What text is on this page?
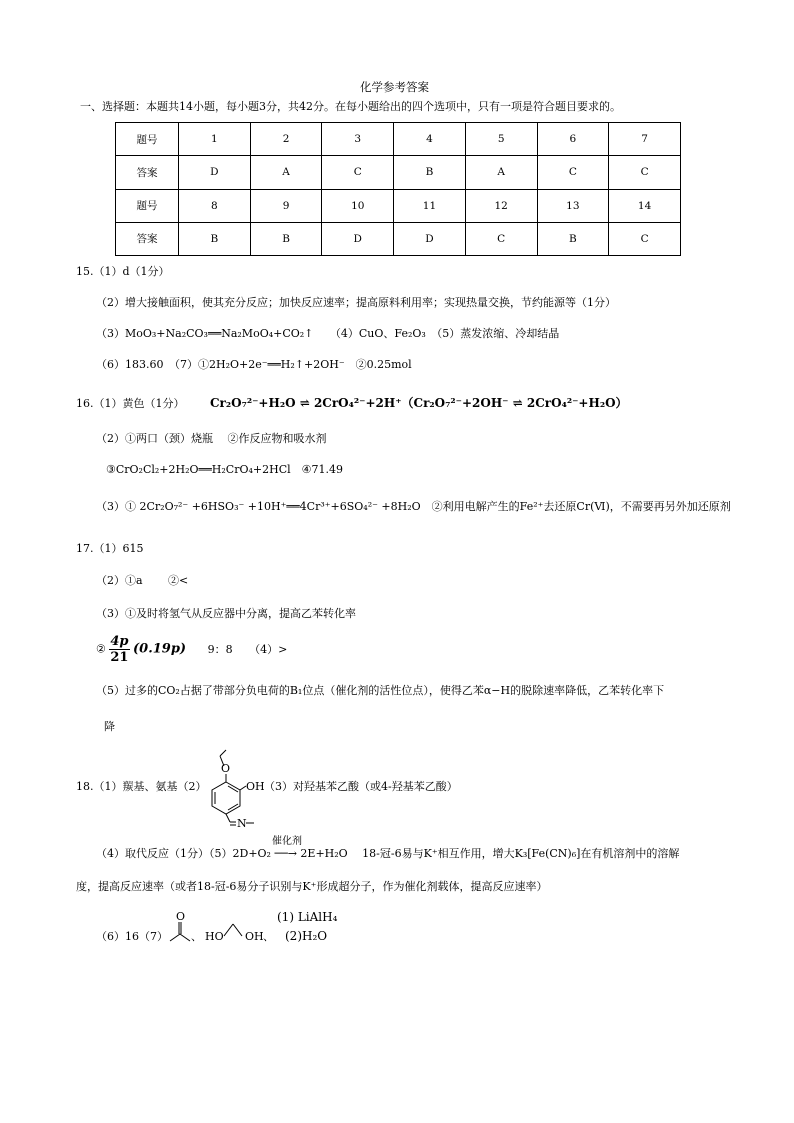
化学参考答案
一、选择题：本题共14小题，每小题3分，共42分。在每小题给出的四个选项中，只有一项是符合题目要求的。
题号	1	2	3	4	5	6	7
答案	D	A	C	B	A	C	C
题号	8	9	10	11	12	13	14
答案	B	B	D	D	C	B	C
15.（1）d（1分）
（2）增大接触面积，使其充分反应；加快反应速率；提高原料利用率；实现热量交换，节约能源等（1分）
（3）MoO₃+Na₂CO₃══Na₂MoO₄+CO₂↑　　（4）CuO、Fe₂O₃　（5）蒸发浓缩、冷却结晶
（6）183.60　（7）①2H₂O+2e⁻══H₂↑+2OH⁻　②0.25mol
16.（1）黄色（1分） Cr₂O₇²⁻+H₂O ⇌ 2CrO₄²⁻+2H⁺（Cr₂O₇²⁻+2OH⁻ ⇌ 2CrO₄²⁻+H₂O）
（2）①两口（颈）烧瓶　 ②作反应物和吸水剂
③CrO₂Cl₂+2H₂O══H₂CrO₄+2HCl　④71.49
（3）① 2Cr₂O₇²⁻ +6HSO₃⁻ +10H⁺══4Cr³⁺+6SO₄²⁻ +8H₂O　②利用电解产生的Fe²⁺去还原Cr(Ⅵ)，不需要再另外加还原剂
17.（1）615
（2）①a　　 ②<
（3）①及时将氢气从反应器中分离，提高乙苯转化率
② $\frac{4p}{21} (0.19p)$ 9：8　　（4）>
（5）过多的CO₂占据了带部分负电荷的B₁位点（催化剂的活性位点），使得乙苯α−H的脱除速率降低，乙苯转化率下
降
18.（1）羰基、氨基（2）
O
OH
N
（3）对羟基苯乙酸（或4-羟基苯乙酸）
催化剂
（4）取代反应（1分）（5）2D+O₂ ──→ 2E+H₂O　 18-冠-6易与K⁺相互作用，增大K₃[Fe(CN)₆]在有机溶剂中的溶解
度，提高反应速率（或者18-冠-6易分子识别与K⁺形成超分子，作为催化剂载体，提高反应速率）
（6）16（7）
O
、 HO OH 、
(1) LiAlH₄
(2)H₂O
